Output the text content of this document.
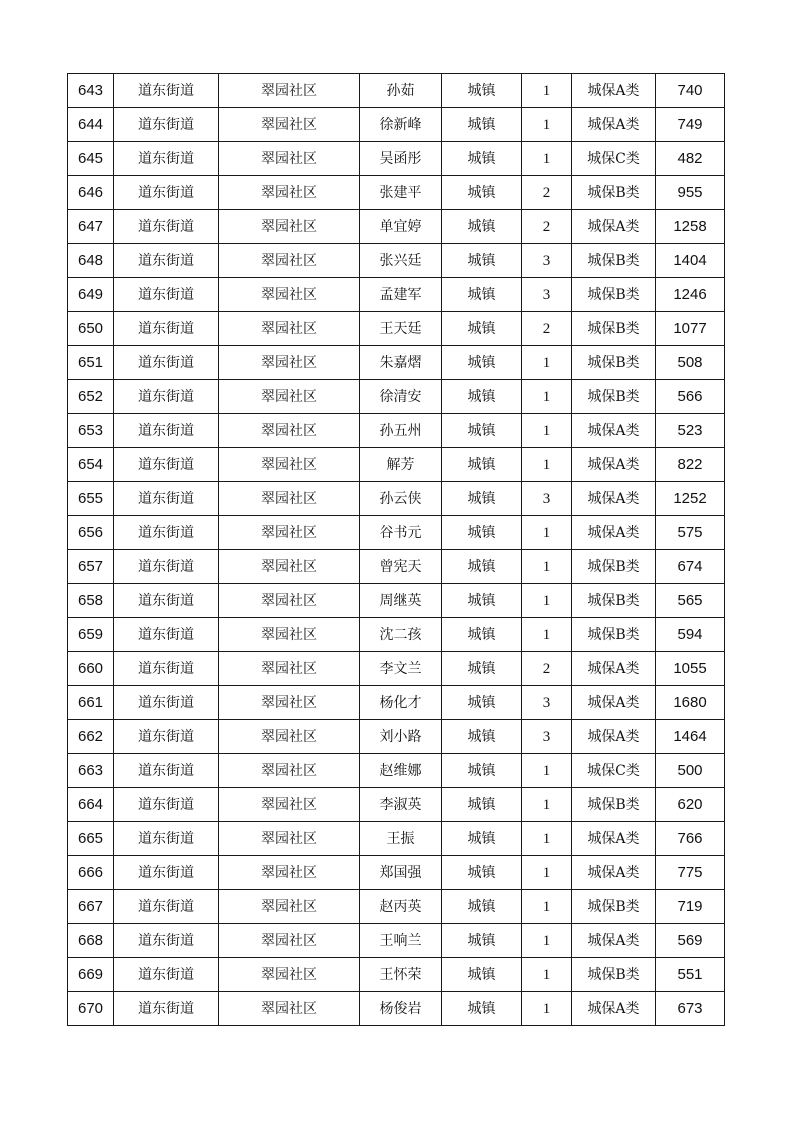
643	道东街道	翠园社区	孙茹	城镇	1	城保A类	740
644	道东街道	翠园社区	徐新峰	城镇	1	城保A类	749
645	道东街道	翠园社区	吴函彤	城镇	1	城保C类	482
646	道东街道	翠园社区	张建平	城镇	2	城保B类	955
647	道东街道	翠园社区	单宜婷	城镇	2	城保A类	1258
648	道东街道	翠园社区	张兴廷	城镇	3	城保B类	1404
649	道东街道	翠园社区	孟建军	城镇	3	城保B类	1246
650	道东街道	翠园社区	王天廷	城镇	2	城保B类	1077
651	道东街道	翠园社区	朱嘉熠	城镇	1	城保B类	508
652	道东街道	翠园社区	徐清安	城镇	1	城保B类	566
653	道东街道	翠园社区	孙五州	城镇	1	城保A类	523
654	道东街道	翠园社区	解芳	城镇	1	城保A类	822
655	道东街道	翠园社区	孙云侠	城镇	3	城保A类	1252
656	道东街道	翠园社区	谷书元	城镇	1	城保A类	575
657	道东街道	翠园社区	曾宪天	城镇	1	城保B类	674
658	道东街道	翠园社区	周继英	城镇	1	城保B类	565
659	道东街道	翠园社区	沈二孩	城镇	1	城保B类	594
660	道东街道	翠园社区	李文兰	城镇	2	城保A类	1055
661	道东街道	翠园社区	杨化才	城镇	3	城保A类	1680
662	道东街道	翠园社区	刘小路	城镇	3	城保A类	1464
663	道东街道	翠园社区	赵维娜	城镇	1	城保C类	500
664	道东街道	翠园社区	李淑英	城镇	1	城保B类	620
665	道东街道	翠园社区	王振	城镇	1	城保A类	766
666	道东街道	翠园社区	郑国强	城镇	1	城保A类	775
667	道东街道	翠园社区	赵丙英	城镇	1	城保B类	719
668	道东街道	翠园社区	王响兰	城镇	1	城保A类	569
669	道东街道	翠园社区	王怀荣	城镇	1	城保B类	551
670	道东街道	翠园社区	杨俊岩	城镇	1	城保A类	673
